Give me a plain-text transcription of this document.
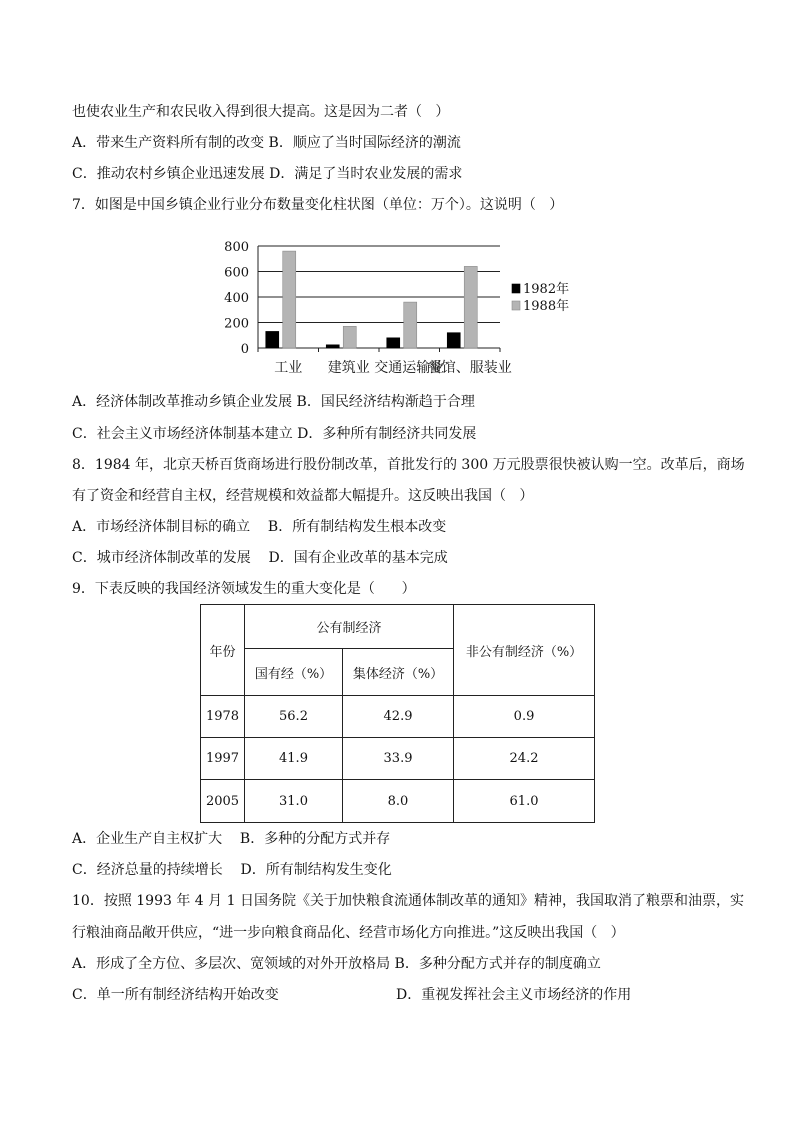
也使农业生产和农民收入得到很大提高。这是因为二者（   ）
A．带来生产资料所有制的改变 B．顺应了当时国际经济的潮流
C．推动农村乡镇企业迅速发展 D．满足了当时农业发展的需求
7．如图是中国乡镇企业行业分布数量变化柱状图（单位：万个）。这说明（   ）
0
200
400
600
800
工业 建筑业 交通运输业
餐馆、服装业
1982年
1988年
A．经济体制改革推动乡镇企业发展 B．国民经济结构渐趋于合理
C．社会主义市场经济体制基本建立 D．多种所有制经济共同发展
8．1984 年，北京天桥百货商场进行股份制改革，首批发行的 300 万元股票很快被认购一空。改革后，商场
有了资金和经营自主权，经营规模和效益都大幅提升。这反映出我国（   ）
A．市场经济体制目标的确立    B．所有制结构发生根本改变
C．城市经济体制改革的发展    D．国有企业改革的基本完成
9．下表反映的我国经济领域发生的重大变化是（      ）
年份	公有制经济		非公有制经济（%）
	国有经（%）	集体经济（%）	
1978	56.2	42.9	0.9
1997	41.9	33.9	24.2
2005	31.0	8.0	61.0
A．企业生产自主权扩大    B．多种的分配方式并存
C．经济总量的持续增长    D．所有制结构发生变化
10．按照 1993 年 4 月 1 日国务院《关于加快粮食流通体制改革的通知》精神，我国取消了粮票和油票，实
行粮油商品敞开供应，“进一步向粮食商品化、经营市场化方向推进。”这反映出我国（   ）
A．形成了全方位、多层次、宽领域的对外开放格局 B．多种分配方式并存的制度确立
C．单一所有制经济结构开始改变	D．重视发挥社会主义市场经济的作用
